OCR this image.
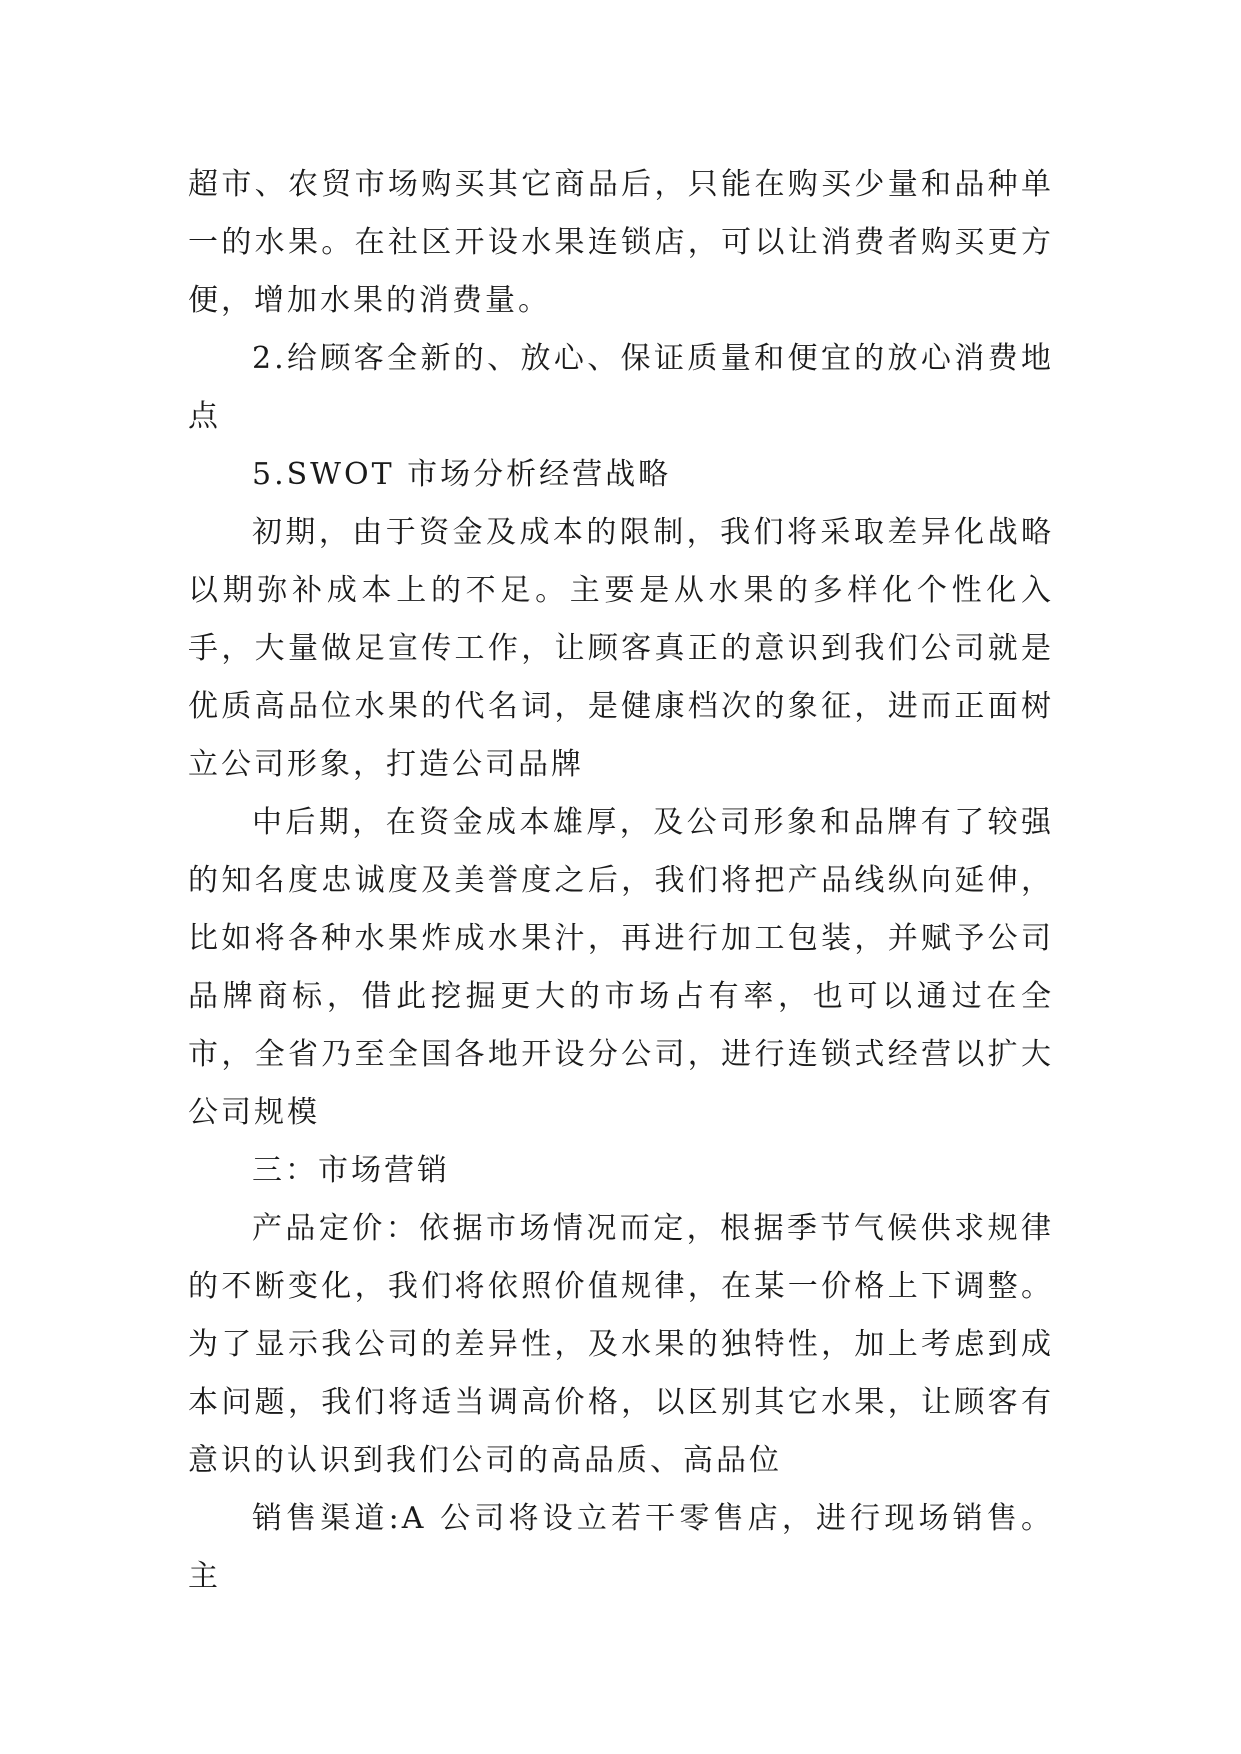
超市、农贸市场购买其它商品后，只能在购买少量和品种单一的水果。在社区开设水果连锁店，可以让消费者购买更方便，增加水果的消费量。

2.给顾客全新的、放心、保证质量和便宜的放心消费地点

5.SWOT 市场分析经营战略

初期，由于资金及成本的限制，我们将采取差异化战略以期弥补成本上的不足。主要是从水果的多样化个性化入手，大量做足宣传工作，让顾客真正的意识到我们公司就是优质高品位水果的代名词，是健康档次的象征，进而正面树立公司形象，打造公司品牌

中后期，在资金成本雄厚，及公司形象和品牌有了较强的知名度忠诚度及美誉度之后，我们将把产品线纵向延伸，比如将各种水果炸成水果汁，再进行加工包装，并赋予公司品牌商标，借此挖掘更大的市场占有率，也可以通过在全市，全省乃至全国各地开设分公司，进行连锁式经营以扩大公司规模

三：市场营销

产品定价：依据市场情况而定，根据季节气候供求规律的不断变化，我们将依照价值规律，在某一价格上下调整。为了显示我公司的差异性，及水果的独特性，加上考虑到成本问题，我们将适当调高价格，以区别其它水果，让顾客有意识的认识到我们公司的高品质、高品位

销售渠道:A 公司将设立若干零售店，进行现场销售。主
